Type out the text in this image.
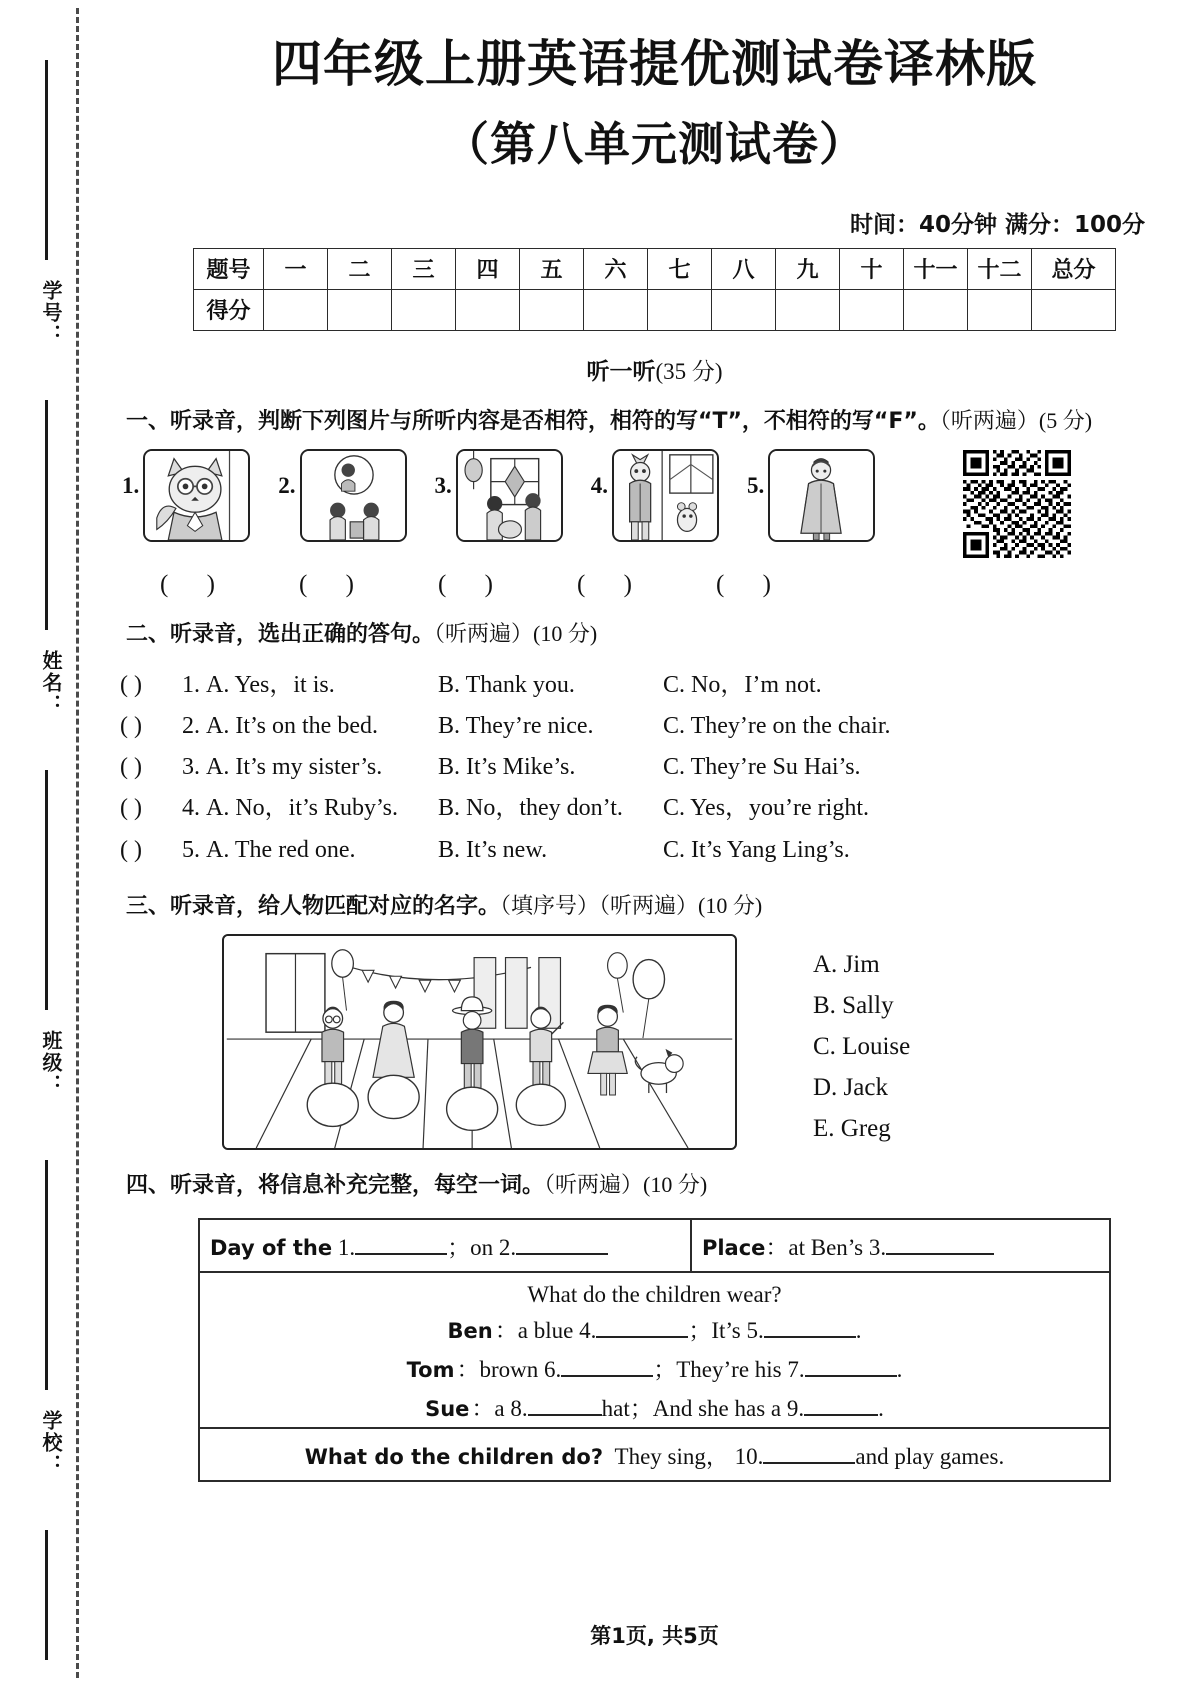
学号：
姓名：
班级：
学校：
四年级上册英语提优测试卷译林版
（第八单元测试卷）
时间：40分钟 满分：100分
题号	一	二	三	四	五	六	七	八	九	十	十一	十二	总分
得分													
听一听(35 分)
一、听录音，判断下列图片与所听内容是否相符，相符的写“T”，不相符的写“F”。（听两遍）(5 分)
1.	2.	3.	4.	5.
( )	( )	( )	( )	( )
二、听录音，选出正确的答句。（听两遍）(10 分)
( )	1. A. Yes，it is.	B. Thank you.	C. No，I’m not.
( )	2. A. It’s on the bed.	B. They’re nice.	C. They’re on the chair.
( )	3. A. It’s my sister’s.	B. It’s Mike’s.	C. They’re Su Hai’s.
( )	4. A. No，it’s Ruby’s.	B. No，they don’t.	C. Yes，you’re right.
( )	5. A. The red one.	B. It’s new.	C. It’s Yang Ling’s.
三、听录音，给人物匹配对应的名字。（填序号）（听两遍）(10 分)
A. Jim
B. Sally
C. Louise
D. Jack
E. Greg
四、听录音，将信息补充完整，每空一词。（听两遍）(10 分)
Day of the 1.	；on 2.	Place：at Ben’s 3.

What do the children wear?
Ben：a blue 4.	；It’s 5.	.
Tom：brown 6.	；They’re his 7.	.
Sue：a 8.	hat；And she has a 9.	.

What do the children do? They sing， 10.	and play games.
第1页, 共5页
